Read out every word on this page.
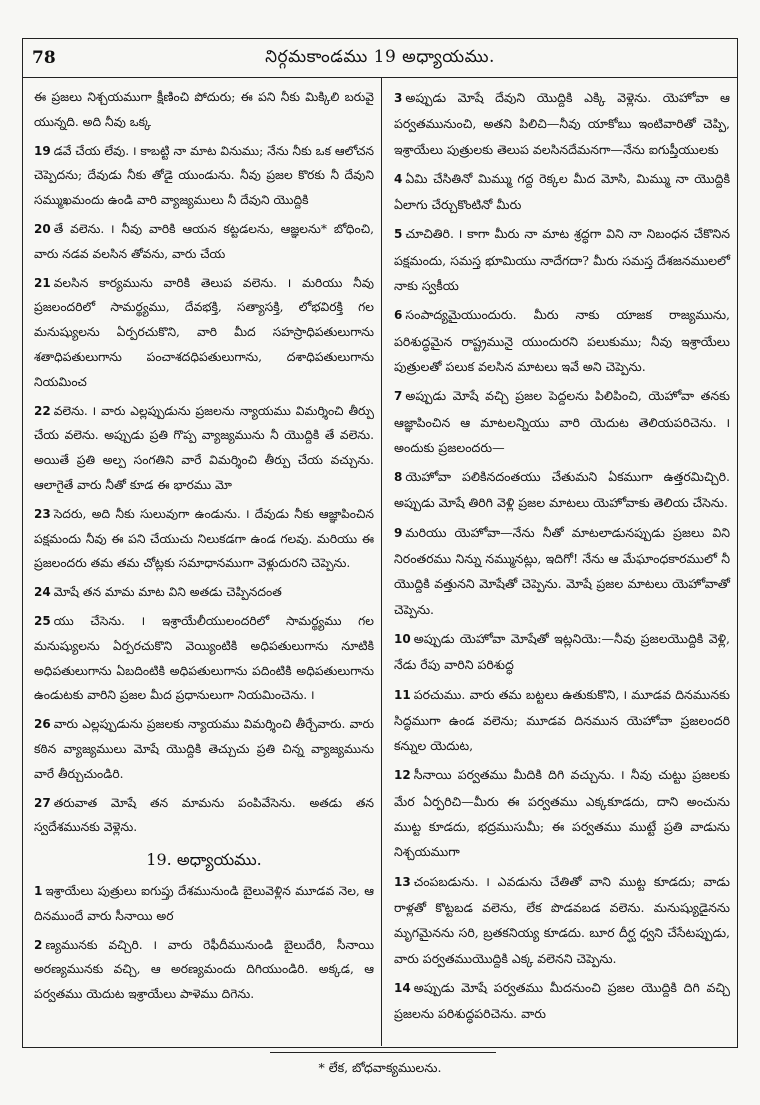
78	నిర్గమకాండము 19 అధ్యాయము.

ఈ ప్రజలు నిశ్చయముగా క్షీణించి పోదురు; ఈ పని నీకు మిక్కిలి బరువై యున్నది. అది నీవు ఒక్క

19 డవే చేయ లేవు. ౹ కాబట్టి నా మాట వినుము; నేను నీకు ఒక ఆలోచన చెప్పెదను; దేవుడు నీకు తోడై యుండును. నీవు ప్రజల కొరకు నీ దేవుని సమ్ముఖమందు ఉండి వారి వ్యాజ్యములు నీ దేవుని యొద్దికి

20 తే వలెను. ౹ నీవు వారికి ఆయన కట్టడలను, ఆజ్ఞలను* బోధించి, వారు నడవ వలసిన తోవను, వారు చేయ

21 వలసిన కార్యమును వారికి తెలుప వలెను. ౹ మరియు నీవు ప్రజలందరిలో సామర్థ్యము, దేవభక్తి, సత్యాసక్తి, లోభవిరక్తి గల మనుష్యులను ఏర్పరచుకొని, వారి మీద సహస్రాధిపతులుగాను శతాధిపతులుగాను పంచాశదధిపతులుగాను, దశాధిపతులుగాను నియమించ

22 వలెను. ౹ వారు ఎల్లప్పుడును ప్రజలను న్యాయము విమర్శించి తీర్పు చేయ వలెను. అప్పుడు ప్రతి గొప్ప వ్యాజ్యమును నీ యొద్దికి తే వలెను. అయితే ప్రతి అల్ప సంగతిని వారే విమర్శించి తీర్పు చేయ వచ్చును. ఆలాగైతే వారు నీతో కూడ ఈ భారము మో

23 సెదరు, అది నీకు సులువుగా ఉండును. ౹ దేవుడు నీకు ఆజ్ఞాపించిన పక్షమందు నీవు ఈ పని చేయుచు నిలుకడగా ఉండ గలవు. మరియు ఈ ప్రజలందరు తమ తమ చోట్లకు సమాధానముగా వెళ్లుదురని చెప్పెను.

24 మోషే తన మామ మాట విని అతడు చెప్పినదంత

25 యు చేసెను. ౹ ఇశ్రాయేలీయులందరిలో సామర్థ్యము గల మనుష్యులను ఏర్పరచుకొని వెయ్యింటికి అధిపతులుగాను నూటికి అధిపతులుగాను ఏబదింటికి అధిపతులుగాను పదింటికి అధిపతులుగాను ఉండుటకు వారిని ప్రజల మీద ప్రధానులుగా నియమించెను. ౹

26 వారు ఎల్లప్పుడును ప్రజలకు న్యాయము విమర్శించి తీర్చేవారు. వారు కఠిన వ్యాజ్యములు మోషే యొద్దికి తెచ్చుచు ప్రతి చిన్న వ్యాజ్యమును వారే తీర్చుచుండిరి.

27 తరువాత మోషే తన మామను పంపివేసెను. అతడు తన స్వదేశమునకు వెళ్లెను.

19. అధ్యాయము.

1 ఇశ్రాయేలు పుత్రులు ఐగుప్తు దేశమునుండి బైలువెళ్లిన మూడవ నెల, ఆ దినముందే వారు సీనాయి అర

2 ణ్యమునకు వచ్చిరి. ౹ వారు రెఫీదీమునుండి బైలుదేరి, సీనాయి అరణ్యమునకు వచ్చి, ఆ అరణ్యమందు దిగియుండిరి. అక్కడ, ఆ పర్వతము యెదుట ఇశ్రాయేలు పాళెము దిగెను.

3 అప్పుడు మోషే దేవుని యొద్దికి ఎక్కి వెళ్లెను. యెహోవా ఆ పర్వతమునుంచి, అతని పిలిచి—నీవు యాకోబు ఇంటివారితో చెప్పి, ఇశ్రాయేలు పుత్రులకు తెలుప వలసినదేమనగా—నేను ఐగుప్తీయులకు

4 ఏమి చేసితినో మిమ్ము గద్ద రెక్కల మీద మోసి, మిమ్ము నా యొద్దికి ఏలాగు చేర్చుకొంటినో మీరు

5 చూచితిరి. ౹ కాగా మీరు నా మాట శ్రద్ధగా విని నా నిబంధన చేకొనిన పక్షమందు, సమస్త భూమియు నాదేగదా? మీరు సమస్త దేశజనములలో నాకు స్వకీయ

6 సంపాద్యమైయుందురు. మీరు నాకు యాజక రాజ్యమును, పరిశుద్ధమైన రాష్ట్రమునై యుందురని పలుకుము; నీవు ఇశ్రాయేలు పుత్రులతో పలుక వలసిన మాటలు ఇవే అని చెప్పెను.

7 అప్పుడు మోషే వచ్చి ప్రజల పెద్దలను పిలిపించి, యెహోవా తనకు ఆజ్ఞాపించిన ఆ మాటలన్నియు వారి యెదుట తెలియపరిచెను. ౹ అందుకు ప్రజలందరు—

8 యెహోవా పలికినదంతయు చేతుమని ఏకముగా ఉత్తరమిచ్చిరి. అప్పుడు మోషే తిరిగి వెళ్లి ప్రజల మాటలు యెహోవాకు తెలియ చేసెను.

9 మరియు యెహోవా—నేను నీతో మాటలాడునప్పుడు ప్రజలు విని నిరంతరము నిన్ను నమ్మునట్లు, ఇదిగో! నేను ఆ మేఘాంధకారములో నీ యొద్దికి వత్తునని మోషేతో చెప్పెను. మోషే ప్రజల మాటలు యెహోవాతో చెప్పెను.

10 అప్పుడు యెహోవా మోషేతో ఇట్లనియె:—నీవు ప్రజలయొద్దికి వెళ్లి, నేడు రేపు వారిని పరిశుద్ధ

11 పరచుము. వారు తమ బట్టలు ఉతుకుకొని, ౹ మూడవ దినమునకు సిద్ధముగా ఉండ వలెను; మూడవ దినమున యెహోవా ప్రజలందరి కన్నుల యెదుట,

12 సీనాయి పర్వతము మీదికి దిగి వచ్చును. ౹ నీవు చుట్టు ప్రజలకు మేర ఏర్పరిచి—మీరు ఈ పర్వతము ఎక్కకూడదు, దాని అంచును ముట్ట కూడదు, భద్రముసుమీ; ఈ పర్వతము ముట్టే ప్రతి వాడును నిశ్చయముగా

13 చంపబడును. ౹ ఎవడును చేతితో వాని ముట్ట కూడదు; వాడు రాళ్లతో కొట్టబడ వలెను, లేక పొడవబడ వలెను. మనుష్యుడైనను మృగమైనను సరి, బ్రతకనియ్య కూడదు. బూర దీర్ఘ ధ్వని చేసేటప్పుడు, వారు పర్వతముయొద్దికి ఎక్క వలెనని చెప్పెను.

14 అప్పుడు మోషే పర్వతము మీదనుంచి ప్రజల యొద్దికి దిగి వచ్చి ప్రజలను పరిశుద్ధపరిచెను. వారు

* లేక, బోధవాక్యములను.
